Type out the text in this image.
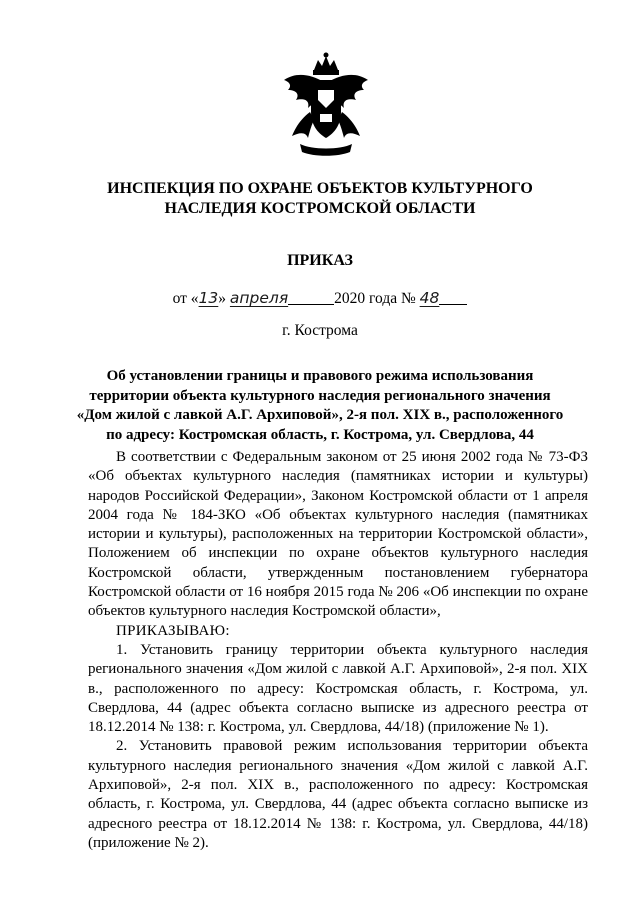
ИНСПЕКЦИЯ ПО ОХРАНЕ ОБЪЕКТОВ КУЛЬТУРНОГО
НАСЛЕДИЯ КОСТРОМСКОЙ ОБЛАСТИ
ПРИКАЗ
от «13» апреля	2020 года № 48
г. Кострома
Об установлении границы и правового режима использования
территории объекта культурного наследия регионального значения
«Дом жилой с лавкой А.Г. Архиповой», 2-я пол. XIX в., расположенного
по адресу: Костромская область, г. Кострома, ул. Свердлова, 44

В соответствии с Федеральным законом от 25 июня 2002 года № 73-ФЗ «Об объектах культурного наследия (памятниках истории и культуры) народов Российской Федерации», Законом Костромской области от 1 апреля 2004 года № 184-ЗКО «Об объектах культурного наследия (памятниках истории и культуры), расположенных на территории Костромской области», Положением об инспекции по охране объектов культурного наследия Костромской области, утвержденным постановлением губернатора Костромской области от 16 ноября 2015 года № 206 «Об инспекции по охране объектов культурного наследия Костромской области»,

ПРИКАЗЫВАЮ:

1. Установить границу территории объекта культурного наследия регионального значения «Дом жилой с лавкой А.Г. Архиповой», 2-я пол. XIX в., расположенного по адресу: Костромская область, г. Кострома, ул. Свердлова, 44 (адрес объекта согласно выписке из адресного реестра от 18.12.2014 № 138: г. Кострома, ул. Свердлова, 44/18) (приложение № 1).

2. Установить правовой режим использования территории объекта культурного наследия регионального значения «Дом жилой с лавкой А.Г. Архиповой», 2-я пол. XIX в., расположенного по адресу: Костромская область, г. Кострома, ул. Свердлова, 44 (адрес объекта согласно выписке из адресного реестра от 18.12.2014 № 138: г. Кострома, ул. Свердлова, 44/18) (приложение № 2).
